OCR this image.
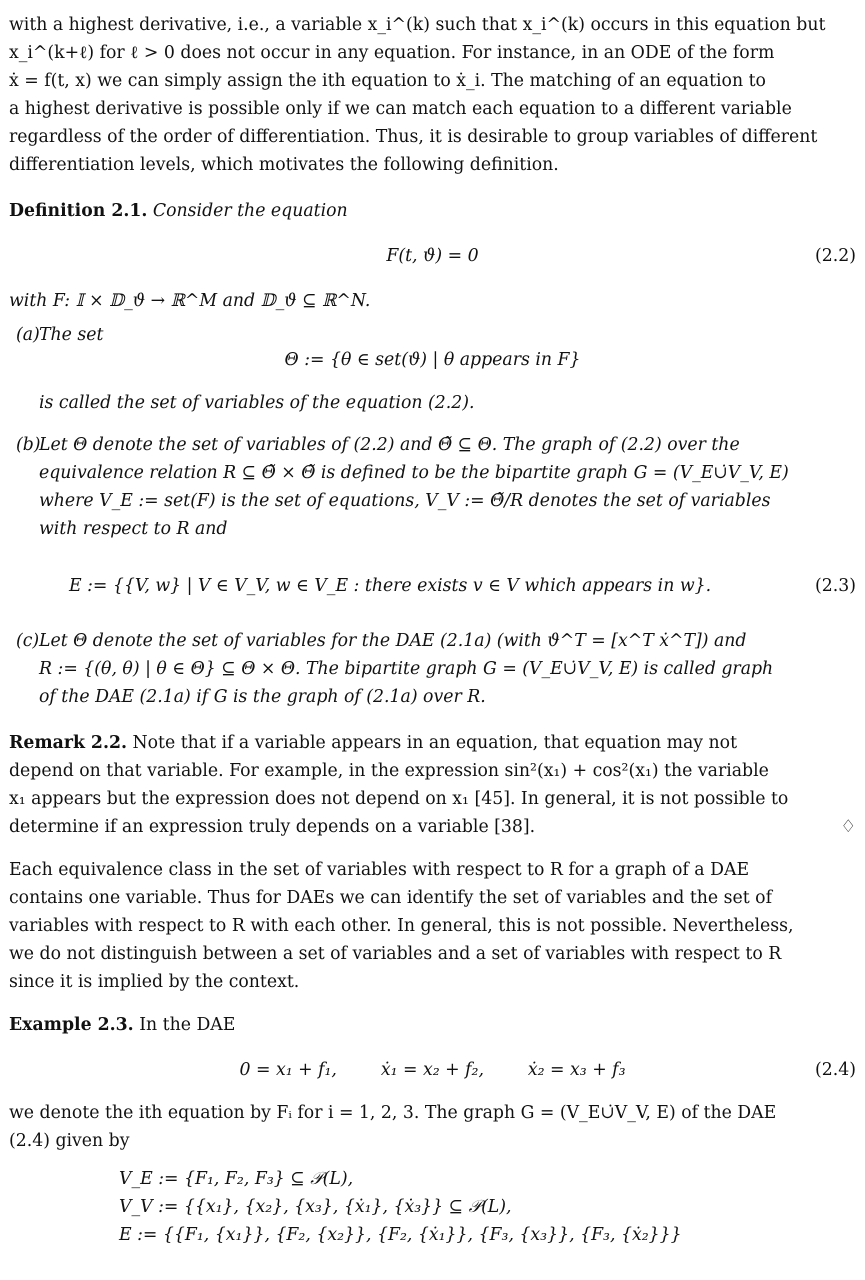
with a highest derivative, i.e., a variable x_i^(k) such that x_i^(k) occurs in this equation but
x_i^(k+ℓ) for ℓ > 0 does not occur in any equation. For instance, in an ODE of the form
ẋ = f(t, x) we can simply assign the ith equation to ẋ_i. The matching of an equation to
a highest derivative is possible only if we can match each equation to a different variable
regardless of the order of differentiation. Thus, it is desirable to group variables of different
differentiation levels, which motivates the following definition.
Definition 2.1. Consider the equation
F(t, ϑ) = 0	(2.2)
with F: 𝕀 × 𝔻_ϑ → ℝ^M and 𝔻_ϑ ⊆ ℝ^N.
(a) The set
Θ := {θ ∈ set(ϑ) | θ appears in F}
is called the set of variables of the equation (2.2).
(b)
Let Θ denote the set of variables of (2.2) and Θ̃ ⊆ Θ. The graph of (2.2) over the
equivalence relation R ⊆ Θ̃ × Θ̃ is defined to be the bipartite graph G = (V_E∪̇V_V, E)
where V_E := set(F) is the set of equations, V_V := Θ̃/R denotes the set of variables
with respect to R and
E := {{V, w} | V ∈ V_V, w ∈ V_E : there exists v ∈ V which appears in w}.	(2.3)
(c) Let Θ denote the set of variables for the DAE (2.1a) (with ϑ^T = [x^T ẋ^T]) and
R := {(θ, θ) | θ ∈ Θ} ⊆ Θ × Θ. The bipartite graph G = (V_E∪̇V_V, E) is called graph
of the DAE (2.1a) if G is the graph of (2.1a) over R.
Remark 2.2. Note that if a variable appears in an equation, that equation may not
depend on that variable. For example, in the expression sin²(x₁) + cos²(x₁) the variable
x₁ appears but the expression does not depend on x₁ [45]. In general, it is not possible to
determine if an expression truly depends on a variable [38].	♢
Each equivalence class in the set of variables with respect to R for a graph of a DAE
contains one variable. Thus for DAEs we can identify the set of variables and the set of
variables with respect to R with each other. In general, this is not possible. Nevertheless,
we do not distinguish between a set of variables and a set of variables with respect to R
since it is implied by the context.
Example 2.3. In the DAE
0 = x₁ + f₁,        ẋ₁ = x₂ + f₂,        ẋ₂ = x₃ + f₃	(2.4)
we denote the ith equation by Fᵢ for i = 1, 2, 3. The graph G = (V_E∪̇V_V, E) of the DAE
(2.4) given by
V_E := {F₁, F₂, F₃} ⊆ 𝒫(L),
V_V := {{x₁}, {x₂}, {x₃}, {ẋ₁}, {ẋ₃}} ⊆ 𝒫(L),
E := {{F₁, {x₁}}, {F₂, {x₂}}, {F₂, {ẋ₁}}, {F₃, {x₃}}, {F₃, {ẋ₂}}}
